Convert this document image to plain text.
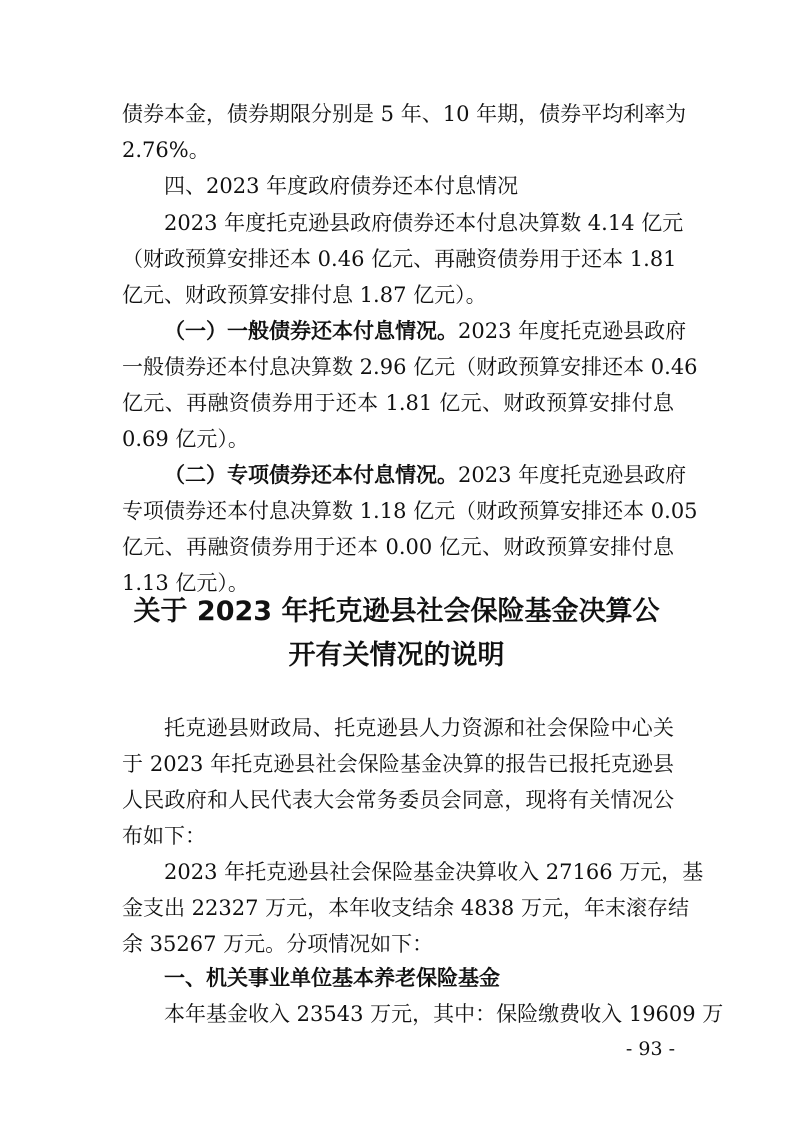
债券本金，债券期限分别是 5 年、10 年期，债券平均利率为
2.76%。
四、2023 年度政府债券还本付息情况
2023 年度托克逊县政府债券还本付息决算数 4.14 亿元
（财政预算安排还本 0.46 亿元、再融资债券用于还本 1.81
亿元、财政预算安排付息 1.87 亿元）。
（一）一般债券还本付息情况。 2023 年度托克逊县政府
一般债券还本付息决算数 2.96 亿元（财政预算安排还本 0.46
亿元、再融资债券用于还本 1.81 亿元、财政预算安排付息
0.69 亿元）。
（二）专项债券还本付息情况。 2023 年度托克逊县政府
专项债券还本付息决算数 1.18 亿元（财政预算安排还本 0.05
亿元、再融资债券用于还本 0.00 亿元、财政预算安排付息
1.13 亿元）。
关于 2023 年托克逊县社会保险基金决算公
开有关情况的说明
托克逊县财政局、托克逊县人力资源和社会保险中心关
于 2023 年托克逊县社会保险基金决算的报告已报托克逊县
人民政府和人民代表大会常务委员会同意，现将有关情况公
布如下：
2023 年托克逊县社会保险基金决算收入 27166 万元，基
金支出 22327 万元，本年收支结余 4838 万元，年末滚存结
余 35267 万元。分项情况如下：
一、机关事业单位基本养老保险基金
本年基金收入 23543 万元，其中：保险缴费收入 19609 万
- 93 -
